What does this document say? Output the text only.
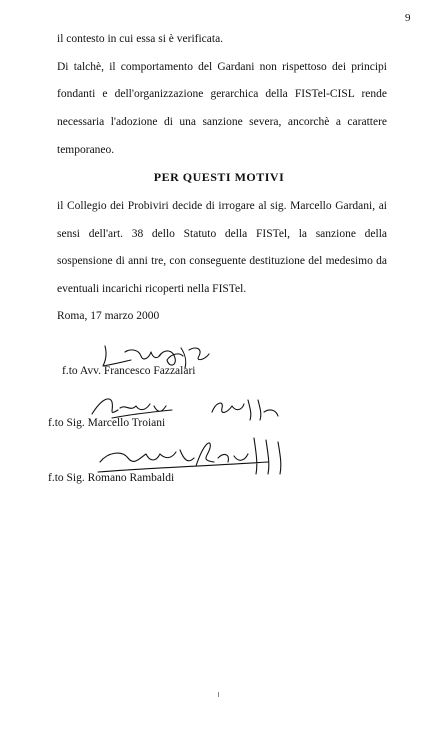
9
il contesto in cui essa si è verificata.
Di talchè, il comportamento del Gardani non rispettoso dei principi
fondanti e dell'organizzazione gerarchica della FISTel-CISL rende
necessaria l'adozione di una sanzione severa, ancorchè a carattere
temporaneo.
PER QUESTI MOTIVI
il Collegio dei Probiviri decide di irrogare al sig. Marcello Gardani, ai
sensi dell'art. 38 dello Statuto della FISTel, la sanzione della
sospensione di anni tre, con conseguente destituzione del medesimo da
eventuali incarichi ricoperti nella FISTel.
Roma, 17 marzo 2000
f.to Avv. Francesco Fazzalari
f.to Sig. Marcello Troiani
f.to Sig. Romano Rambaldi
